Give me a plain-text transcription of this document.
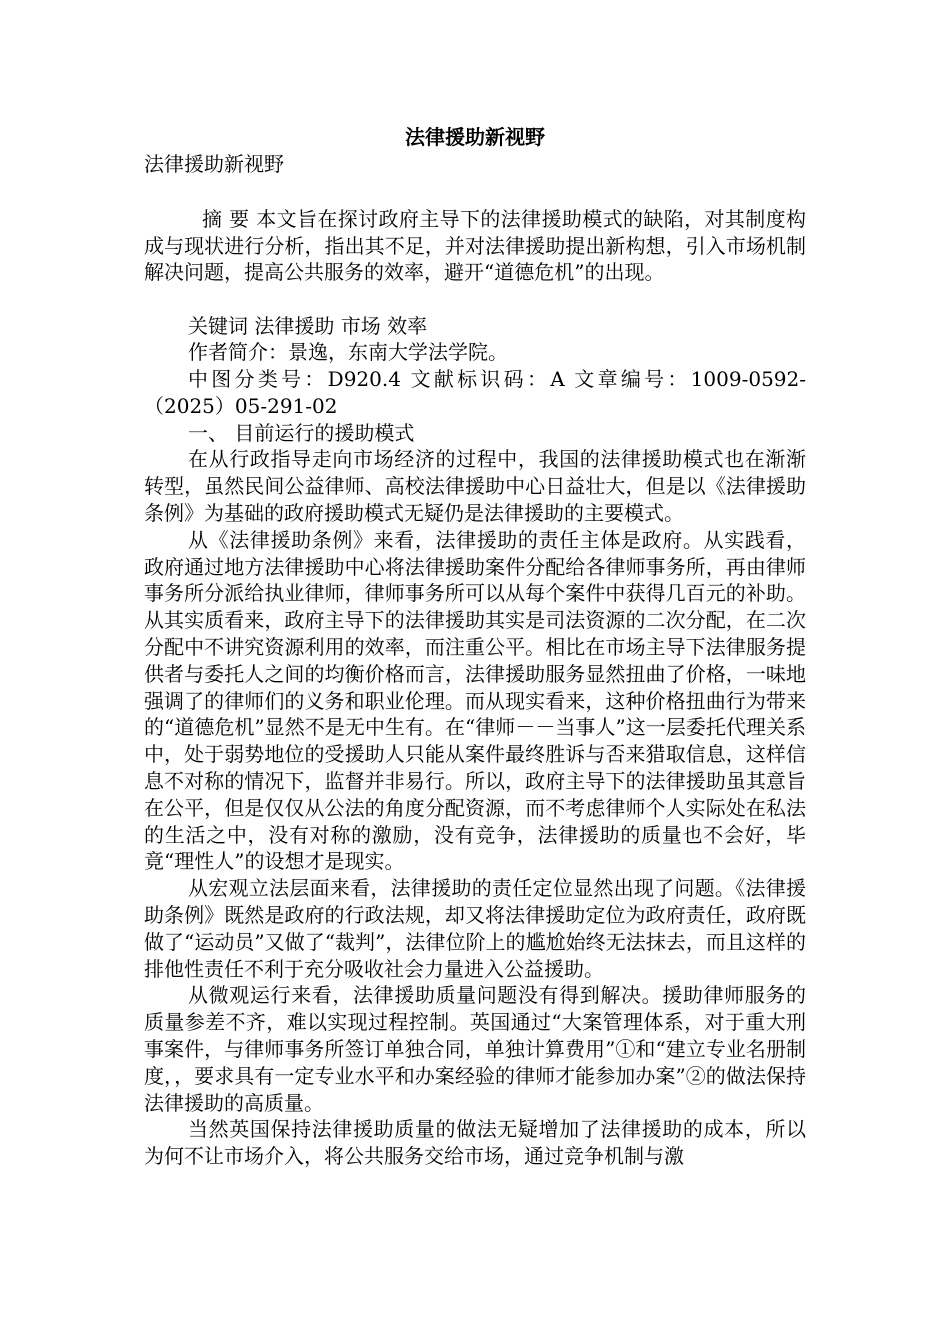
法律援助新视野

法律援助新视野

摘 要 本文旨在探讨政府主导下的法律援助模式的缺陷，对其制度构成与现状进行分析，指出其不足，并对法律援助提出新构想，引入市场机制解决问题，提高公共服务的效率，避开“道德危机”的出现。

关键词 法律援助 市场 效率

作者简介：景逸，东南大学法学院。

中图分类号：D920.4 文献标识码：A 文章编号：1009-0592-（2025）05-291-02

一、 目前运行的援助模式

在从行政指导走向市场经济的过程中，我国的法律援助模式也在渐渐转型，虽然民间公益律师、高校法律援助中心日益壮大，但是以《法律援助条例》为基础的政府援助模式无疑仍是法律援助的主要模式。

从《法律援助条例》来看，法律援助的责任主体是政府。从实践看，政府通过地方法律援助中心将法律援助案件分配给各律师事务所，再由律师事务所分派给执业律师，律师事务所可以从每个案件中获得几百元的补助。从其实质看来，政府主导下的法律援助其实是司法资源的二次分配，在二次分配中不讲究资源利用的效率，而注重公平。相比在市场主导下法律服务提供者与委托人之间的均衡价格而言，法律援助服务显然扭曲了价格，一味地强调了的律师们的义务和职业伦理。而从现实看来，这种价格扭曲行为带来的“道德危机”显然不是无中生有。在“律师－－当事人”这一层委托代理关系中，处于弱势地位的受援助人只能从案件最终胜诉与否来猎取信息，这样信息不对称的情况下，监督并非易行。所以，政府主导下的法律援助虽其意旨在公平，但是仅仅从公法的角度分配资源，而不考虑律师个人实际处在私法的生活之中，没有对称的激励，没有竞争，法律援助的质量也不会好，毕竟“理性人”的设想才是现实。

从宏观立法层面来看，法律援助的责任定位显然出现了问题。《法律援助条例》既然是政府的行政法规，却又将法律援助定位为政府责任，政府既做了“运动员”又做了“裁判”，法律位阶上的尴尬始终无法抹去，而且这样的排他性责任不利于充分吸收社会力量进入公益援助。

从微观运行来看，法律援助质量问题没有得到解决。援助律师服务的质量参差不齐，难以实现过程控制。英国通过“大案管理体系，对于重大刑事案件，与律师事务所签订单独合同，单独计算费用”①和“建立专业名册制度，，要求具有一定专业水平和办案经验的律师才能参加办案”②的做法保持法律援助的高质量。

当然英国保持法律援助质量的做法无疑增加了法律援助的成本，所以为何不让市场介入，将公共服务交给市场，通过竞争机制与激
